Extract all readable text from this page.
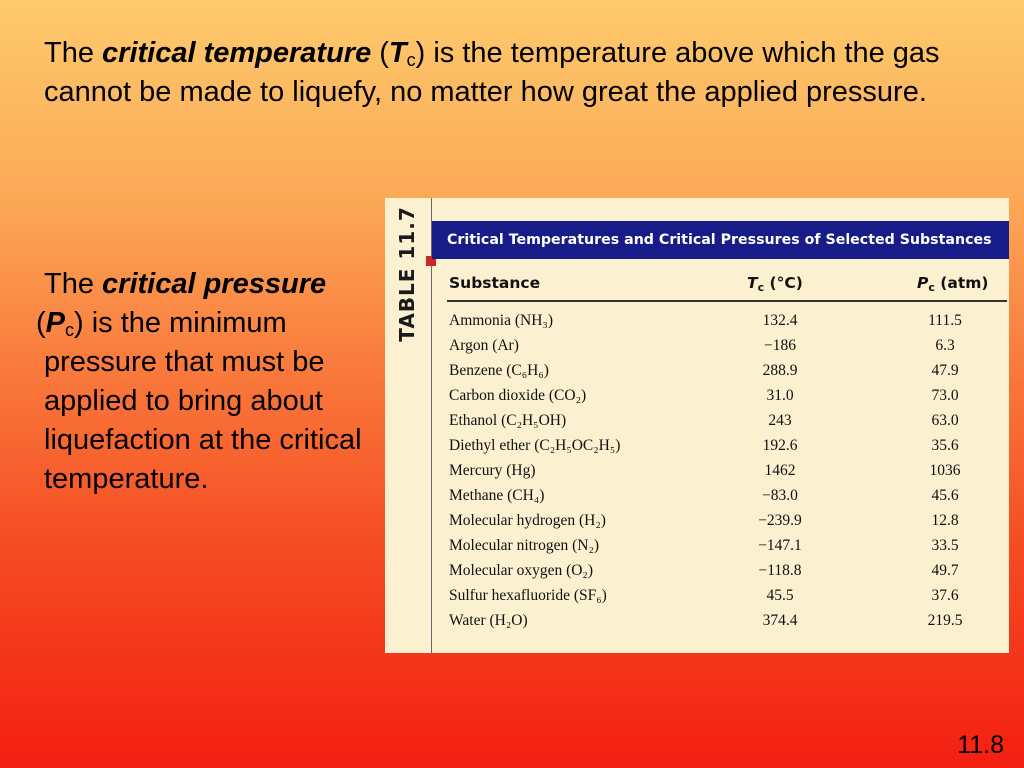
The critical temperature $(T_c)$ is the temperature above which the gas cannot be made to liquefy, no matter how great the applied pressure.
The critical pressure
$(P_c)$ is the minimum pressure that must be applied to bring about liquefaction at the critical temperature.
TABLE 11.7	Critical Temperatures and Critical Pressures of Selected Substances
Substance	$T_c$ (°C)	$P_c$ (atm)
Ammonia (NH₃)	132.4	111.5
Argon (Ar)	−186	6.3
Benzene (C₆H₆)	288.9	47.9
Carbon dioxide (CO₂)	31.0	73.0
Ethanol (C₂H₅OH)	243	63.0
Diethyl ether (C₂H₅OC₂H₅)	192.6	35.6
Mercury (Hg)	1462	1036
Methane (CH₄)	−83.0	45.6
Molecular hydrogen (H₂)	−239.9	12.8
Molecular nitrogen (N₂)	−147.1	33.5
Molecular oxygen (O₂)	−118.8	49.7
Sulfur hexafluoride (SF₆)	45.5	37.6
Water (H₂O)	374.4	219.5
11.8
